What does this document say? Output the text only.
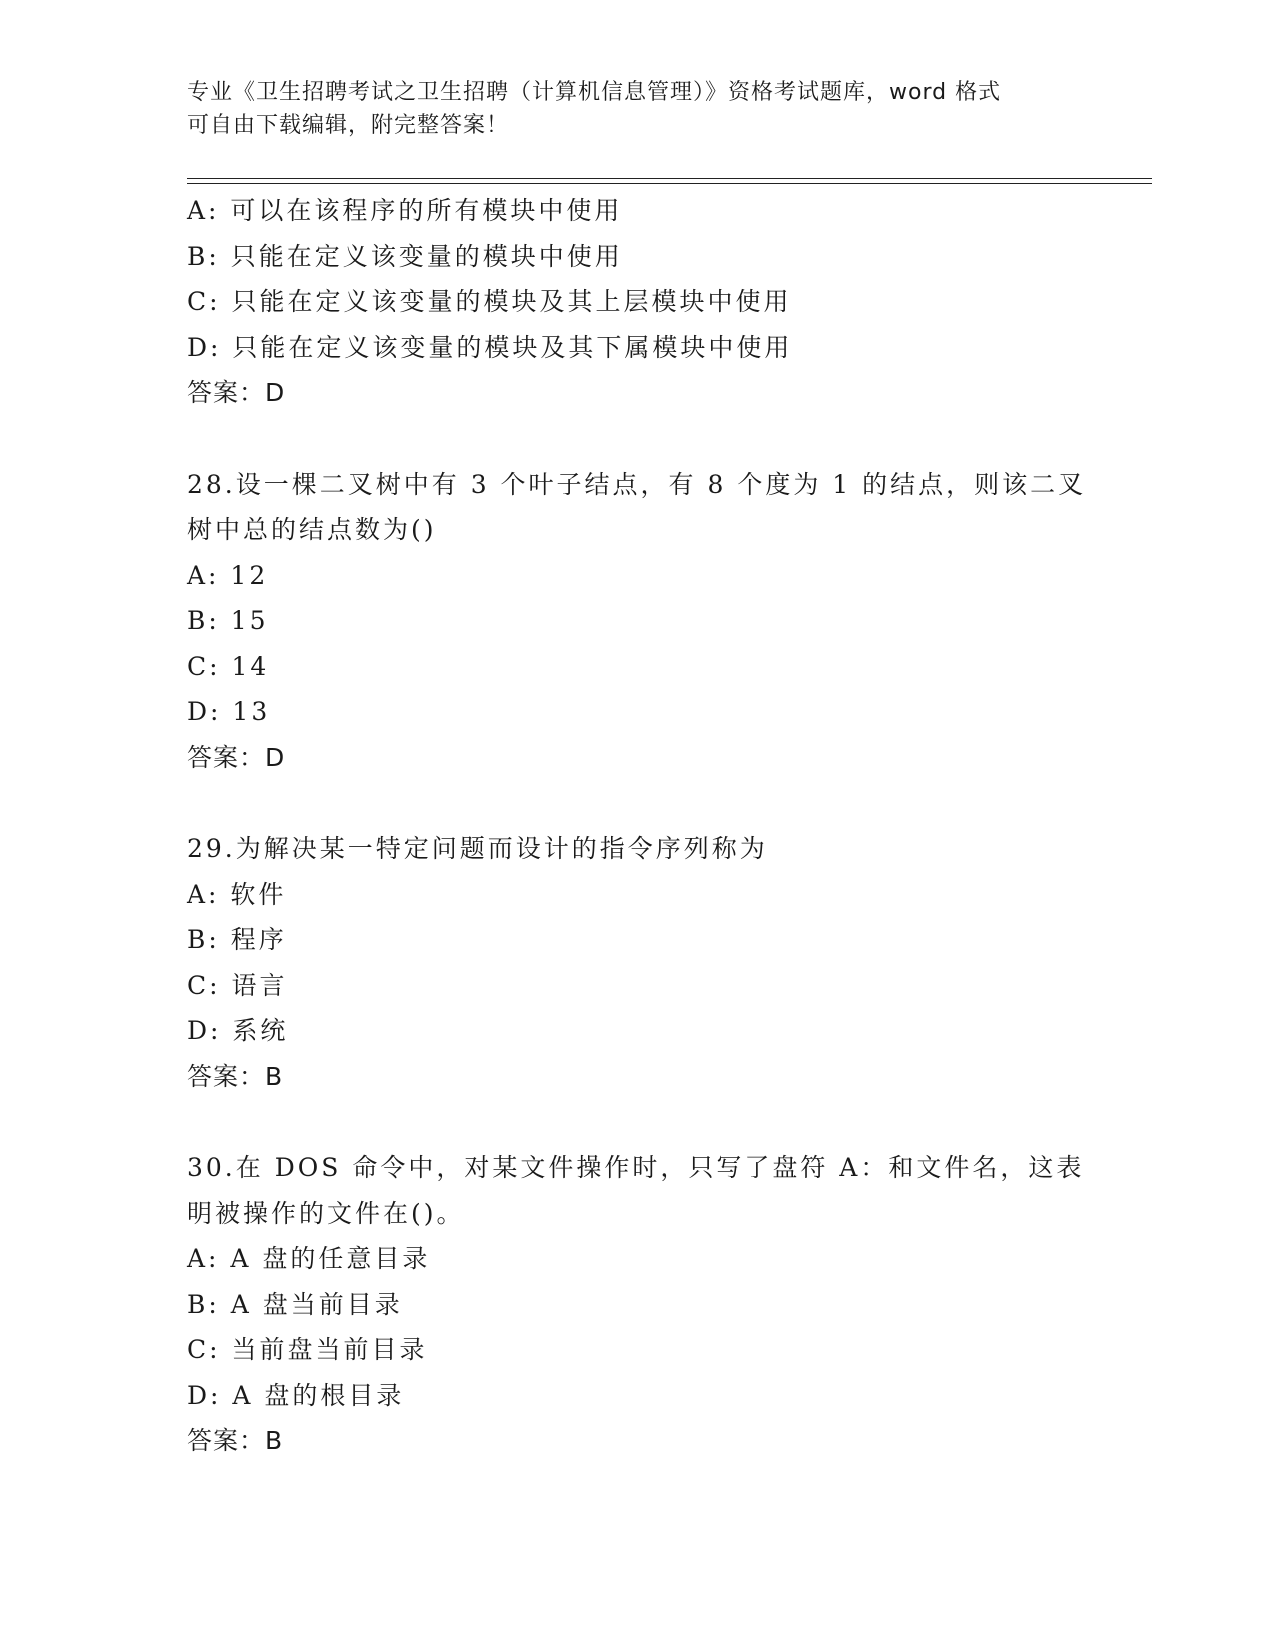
专业《卫生招聘考试之卫生招聘（计算机信息管理）》资格考试题库，word 格式
可自由下载编辑，附完整答案！
A: 可以在该程序的所有模块中使用
B: 只能在定义该变量的模块中使用
C: 只能在定义该变量的模块及其上层模块中使用
D: 只能在定义该变量的模块及其下属模块中使用
答案：D
28.设一棵二叉树中有 3 个叶子结点，有 8 个度为 1 的结点，则该二叉
树中总的结点数为()
A: 12
B: 15
C: 14
D: 13
答案：D
29.为解决某一特定问题而设计的指令序列称为
A: 软件
B: 程序
C: 语言
D: 系统
答案：B
30.在 DOS 命令中，对某文件操作时，只写了盘符 A：和文件名，这表
明被操作的文件在()。
A: A 盘的任意目录
B: A 盘当前目录
C: 当前盘当前目录
D: A 盘的根目录
答案：B
